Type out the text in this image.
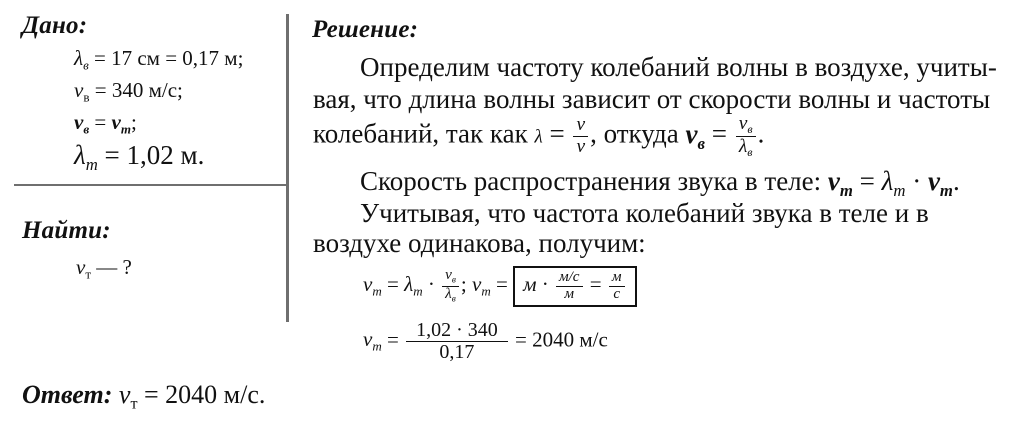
Дано:
$\lambda_в = 17$ см = 0,17 м;
$v_в = 340$ м/с;
$\nu_в = \nu_т$;
$\lambda_т = 1,02$ м.
Найти:
$v_т$ — ?
Решение:
Определим частоту колебаний волны в воздухе, учиты-
вая, что длина волны зависит от скорости волны и частоты
колебаний, так как $\lambda = \frac{v}{\nu}$ , откуда $\nu_в = \frac{v_в}{\lambda_в}$ .
Скорость распространения звука в теле: $v_т = \lambda_т \cdot \nu_т$.
Учитывая, что частота колебаний звука в теле и в
воздухе одинакова, получим:
$v_т = \lambda_т \cdot \frac{v_в}{\lambda_в}$ ; $v_т = м \cdot \frac{м/с}{м} = \frac{м}{с}$
$v_т = \frac{1,02 \cdot 340}{0,17} = 2040$ м/с
Ответ: $v_т = 2040$ м/с.
